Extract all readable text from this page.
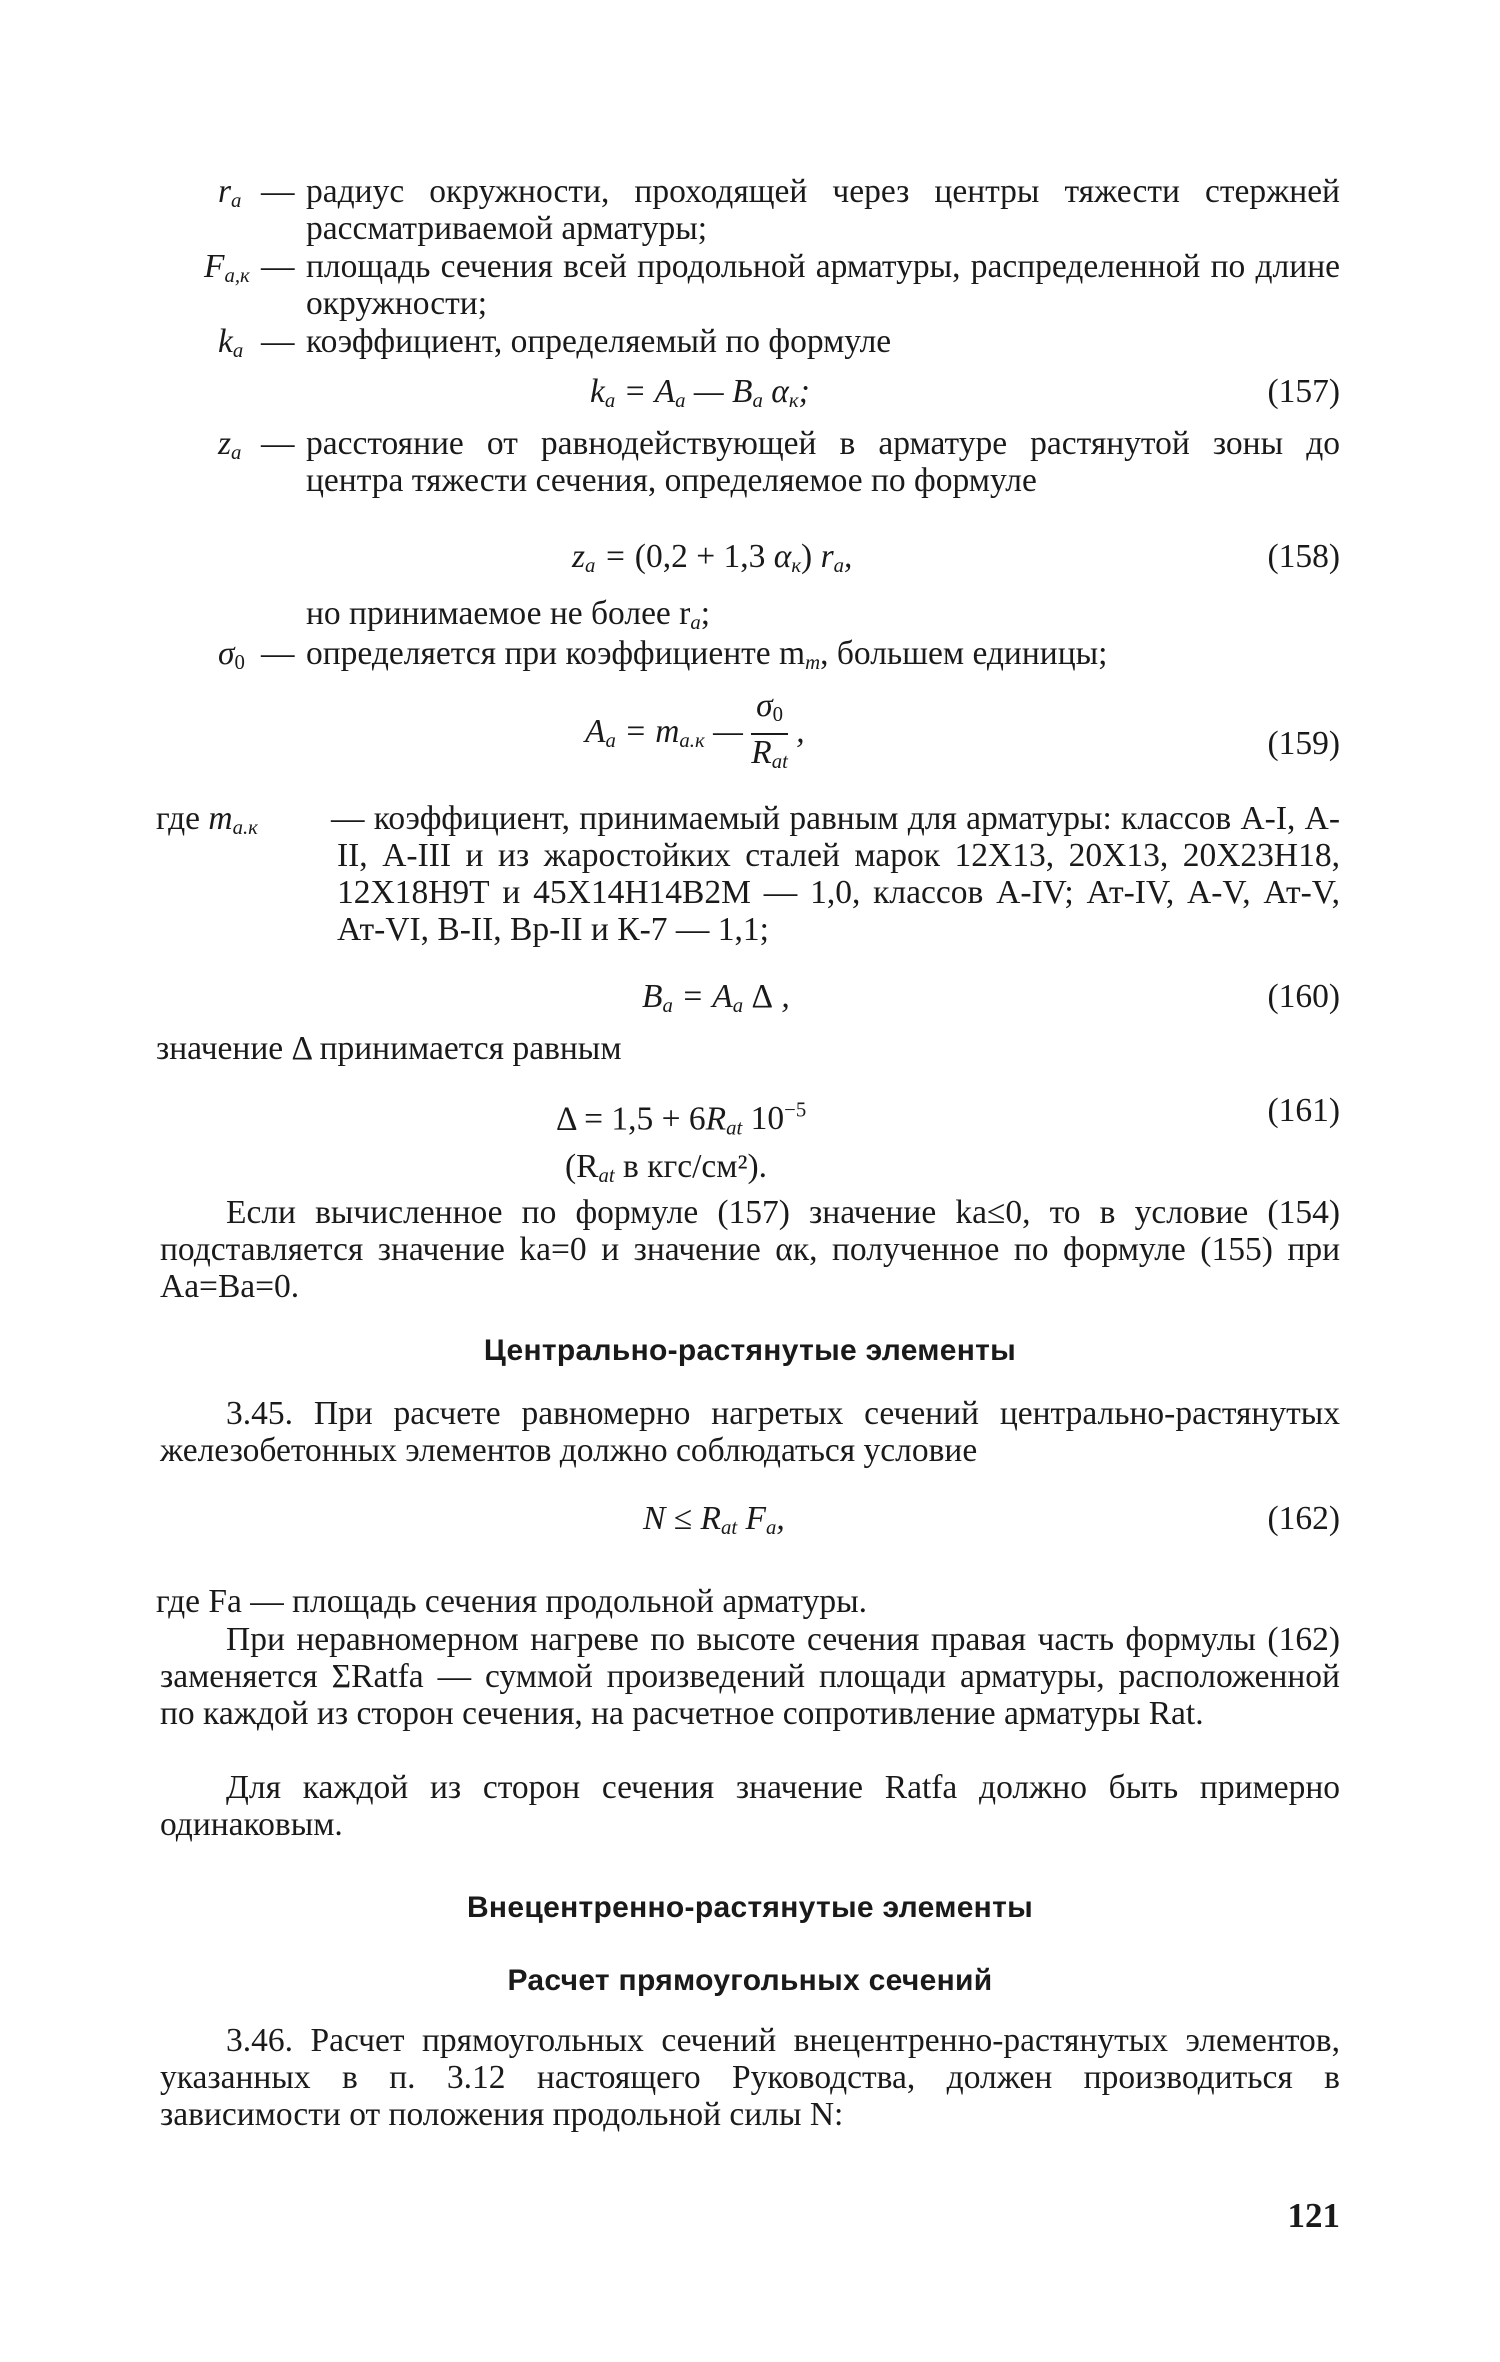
$r_а$ — радиус окружности, проходящей через центры тяжести стержней рассматриваемой арматуры;
$F_{а,к}$ — площадь сечения всей продольной арматуры, распределенной по длине окружности;
$k_а$ — коэффициент, определяемый по формуле
$k_а = A_а$ — $B_а$ $\alpha_к$;	(157)
$z_а$ — расстояние от равнодействующей в арматуре растянутой зоны до центра тяжести сечения, определяемое по формуле
$z_а = (0,2 + 1,3$ $\alpha_к$) $r_а$,	(158)
но принимаемое не более $r_а$;
$\sigma_0$ — определяется при коэффициенте $m_т$, большем единицы;
$A_а = m_{а.к}$ — $\frac{\sigma_0}{R_{at}}$ ,	(159)
где $m_{а.к}$ — коэффициент, принимаемый равным для арматуры: классов А-I, А-II, А-III и из жаростойких сталей марок 12Х13, 20Х13, 20Х23Н18, 12Х18Н9Т и 45Х14Н14В2М — 1,0, классов А-IV; Ат-IV, А-V, Ат-V, Ат-VI, В-II, Вр-II и К-7 — 1,1;
$B_а = A_а$ Δ ,	(160)
значение Δ принимается равным
$\Delta = 1,5 + 6R_{at}$ $10^{-5}$	(161)
($R_{at}$ в кгс/см²).
Если вычисленное по формуле (157) значение kа≤0, то в условие (154) подставляется значение kа=0 и значение αк, полученное по формуле (155) при Aа=Bа=0.
Центрально-растянутые элементы
3.45. При расчете равномерно нагретых сечений центрально-растянутых железобетонных элементов должно соблюдаться условие
$N \le R_{at}$ $F_а$,	(162)
где Fа — площадь сечения продольной арматуры.
При неравномерном нагреве по высоте сечения правая часть формулы (162) заменяется ΣRatfа — суммой произведений площади арматуры, расположенной по каждой из сторон сечения, на расчетное сопротивление арматуры Rat.
Для каждой из сторон сечения значение Ratfа должно быть примерно одинаковым.
Внецентренно-растянутые элементы
Расчет прямоугольных сечений
3.46. Расчет прямоугольных сечений внецентренно-растянутых элементов, указанных в п. 3.12 настоящего Руководства, должен производиться в зависимости от положения продольной силы N:
121
